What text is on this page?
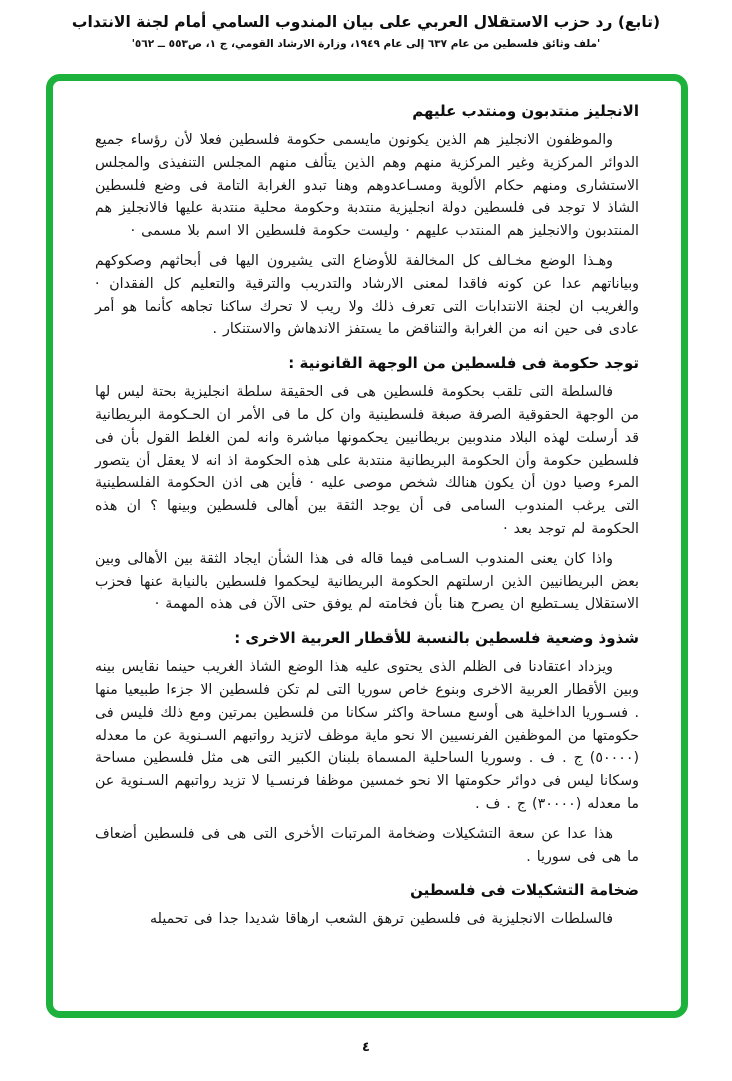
(تابع) رد حزب الاستقلال العربي على بيان المندوب السامي أمام لجنة الانتداب
'ملف وثائق فلسطين من عام ٦٣٧ إلى عام ١٩٤٩، وزارة الارشاد القومي، ج ١، ص٥٥٣ ــ ٥٦٢'
الانجليز منتدبون ومنتدب عليهم

والموظفون الانجليز هم الذين يكونون مايسمى حكومة فلسطين فعلا لأن رؤساء جميع الدوائر المركزية وغير المركزية منهم وهم الذين يتألف منهم المجلس التنفيذى والمجلس الاستشارى ومنهم حكام الألوية ومسـاعدوهم وهنا تبدو الغرابة التامة فى وضع فلسطين الشاذ لا توجد فى فلسطين دولة انجليزية منتدبة وحكومة محلية منتدبة عليها فالانجليز هم المنتدبون والانجليز هم المنتدب عليهم · وليست حكومة فلسطين الا اسم بلا مسمى ·

وهـذا الوضع مخـالف كل المخالفة للأوضاع التى يشيرون اليها فى أبحاثهم وصكوكهم وبياناتهم عدا عن كونه فاقدا لمعنى الارشاد والتدريب والترقية والتعليم كل الفقدان · والغريب ان لجنة الانتدابات التى تعرف ذلك ولا ريب لا تحرك ساكنا تجاهه كأنما هو أمر عادى فى حين انه من الغرابة والتناقض ما يستفز الاندهاش والاستنكار .

توجد حكومة فى فلسطين من الوجهة القانونية :

فالسلطة التى تلقب بحكومة فلسطين هى فى الحقيقة سلطة انجليزية بحتة ليس لها من الوجهة الحقوقية الصرفة صبغة فلسطينية وان كل ما فى الأمر ان الحـكومة البريطانية قد أرسلت لهذه البلاد مندوبين بريطانيين يحكمونها مباشرة وانه لمن الغلط القول بأن فى فلسطين حكومة وأن الحكومة البريطانية منتدبة على هذه الحكومة اذ انه لا يعقل أن يتصور المرء وصيا دون أن يكون هنالك شخص موصى عليه · فأين هى اذن الحكومة الفلسطينية التى يرغب المندوب السامى فى أن يوجد الثقة بين أهالى فلسطين وبينها ؟ ان هذه الحكومة لم توجد بعد ·

واذا كان يعنى المندوب السـامى فيما قاله فى هذا الشأن ايجاد الثقة بين الأهالى وبين بعض البريطانيين الذين ارسلتهم الحكومة البريطانية ليحكموا فلسطين بالنيابة عنها فحزب الاستقلال يسـتطيع ان يصرح هنا بأن فخامته لم يوفق حتى الآن فى هذه المهمة ·

شذوذ وضعية فلسطين بالنسبة للأقطار العربية الاخرى :

ويزداد اعتقادنا فى الظلم الذى يحتوى عليه هذا الوضع الشاذ الغريب حينما نقايس بينه وبين الأقطار العربية الاخرى وبنوع خاص سوريا التى لم تكن فلسطين الا جزءا طبيعيا منها . فسـوريا الداخلية هى أوسع مساحة واكثر سكانا من فلسطين بمرتين ومع ذلك فليس فى حكومتها من الموظفين الفرنسيين الا نحو ماية موظف لاتزيد رواتبهم السـنوية عن ما معدله (٥٠٠٠٠) ج . ف . وسوريا الساحلية المسماة بلبنان الكبير التى هى مثل فلسطين مساحة وسكانا ليس فى دوائر حكومتها الا نحو خمسين موظفا فرنسـيا لا تزيد رواتبهم السـنوية عن ما معدله (٣٠٠٠٠) ج . ف .

هذا عدا عن سعة التشكيلات وضخامة المرتبات الأخرى التى هى فى فلسطين أضعاف ما هى فى سوريا .

ضخامة التشكيلات فى فلسطين

فالسلطات الانجليزية فى فلسطين ترهق الشعب ارهاقا شديدا جدا فى تحميله

٤
